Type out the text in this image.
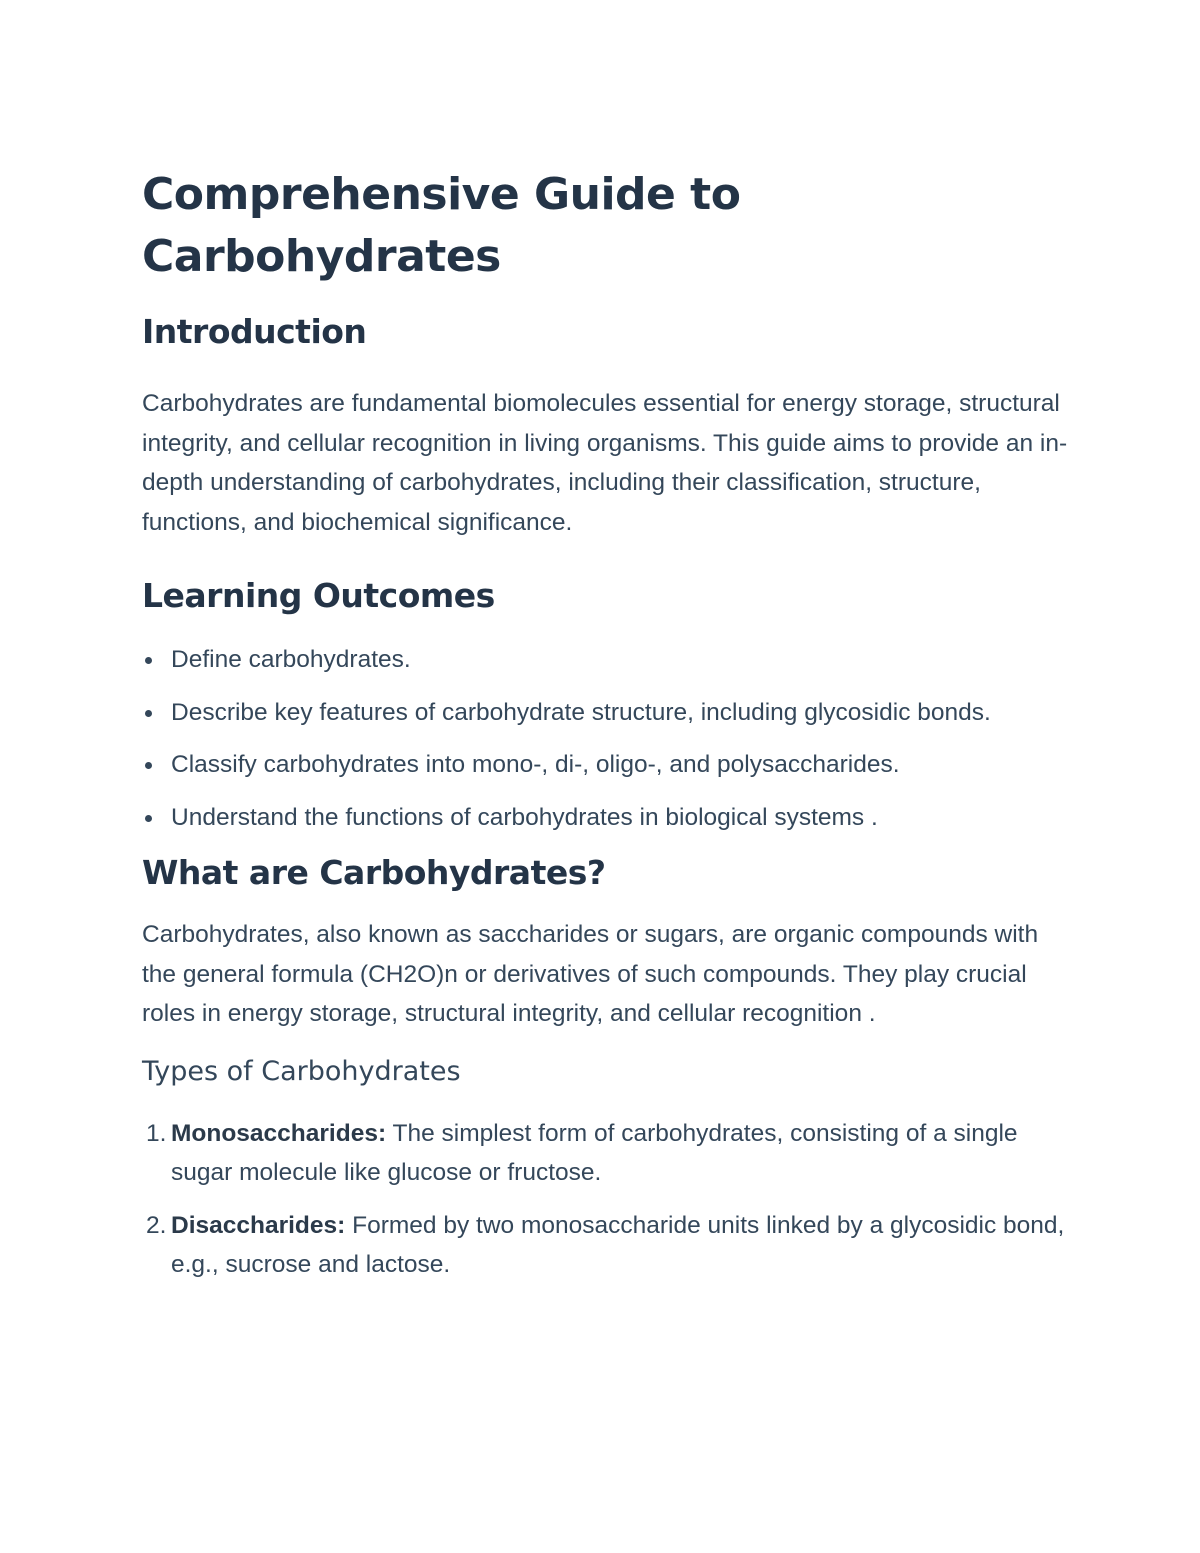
Comprehensive Guide to Carbohydrates
Introduction

Carbohydrates are fundamental biomolecules essential for energy storage, structural integrity, and cellular recognition in living organisms. This guide aims to provide an in-depth understanding of carbohydrates, including their classification, structure, functions, and biochemical significance.

Learning Outcomes
Define carbohydrates.
Describe key features of carbohydrate structure, including glycosidic bonds.
Classify carbohydrates into mono-, di-, oligo-, and polysaccharides.
Understand the functions of carbohydrates in biological systems .
What are Carbohydrates?

Carbohydrates, also known as saccharides or sugars, are organic compounds with the general formula (CH2O)n or derivatives of such compounds. They play crucial roles in energy storage, structural integrity, and cellular recognition .

Types of Carbohydrates
1. Monosaccharides: The simplest form of carbohydrates, consisting of a single sugar molecule like glucose or fructose.
2. Disaccharides: Formed by two monosaccharide units linked by a glycosidic bond, e.g., sucrose and lactose.
